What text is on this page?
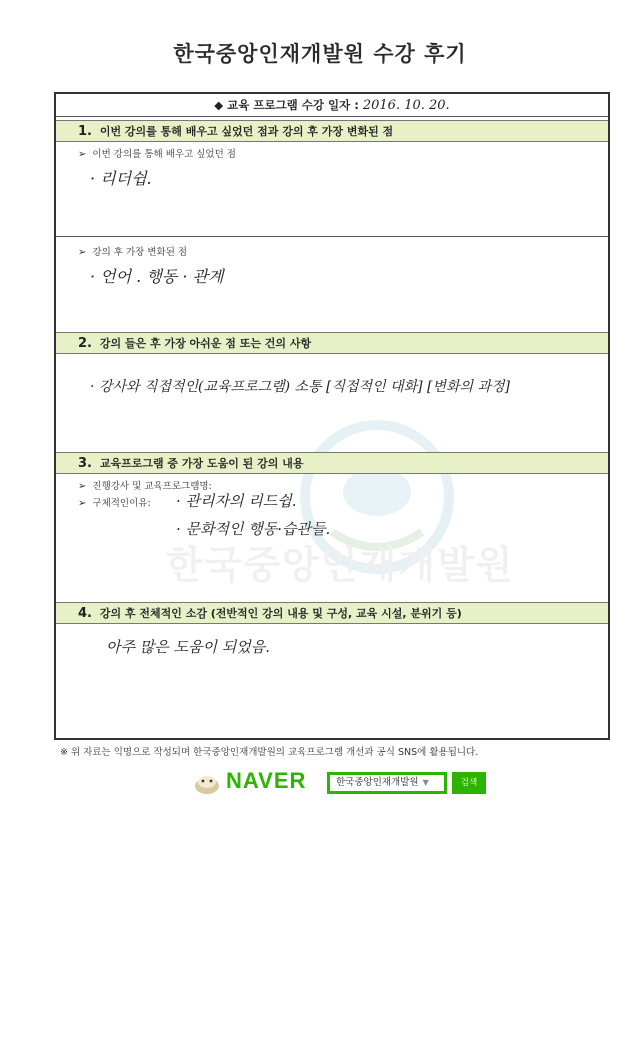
한국중앙인재개발원 수강 후기
한국중앙인재개발원
◆ 교육 프로그램 수강 일자 : 2016. 10. 20.
1. 이번 강의를 통해 배우고 싶었던 점과 강의 후 가장 변화된 점
➢ 이번 강의를 통해 배우고 싶었던 점
· 리더쉽.
➢ 강의 후 가장 변화된 점
· 언어 . 행동 · 관계
2. 강의 들은 후 가장 아쉬운 점 또는 건의 사항
· 강사와 직접적인(교육프로그램) 소통 [직접적인 대화] [변화의 과정]
3. 교육프로그램 중 가장 도움이 된 강의 내용
➢ 진행강사 및 교육프로그램명:
➢ 구체적인이유: · 관리자의 리드쉽.
· 문화적인 행동·습관들.
4. 강의 후 전체적인 소감 (전반적인 강의 내용 및 구성, 교육 시설, 분위기 등)
아주 많은 도움이 되었음.
※ 위 자료는 익명으로 작성되며 한국중앙인재개발원의 교육프로그램 개선과 공식 SNS에 활용됩니다.
NAVER	한국중앙인재개발원 ▼	검색
